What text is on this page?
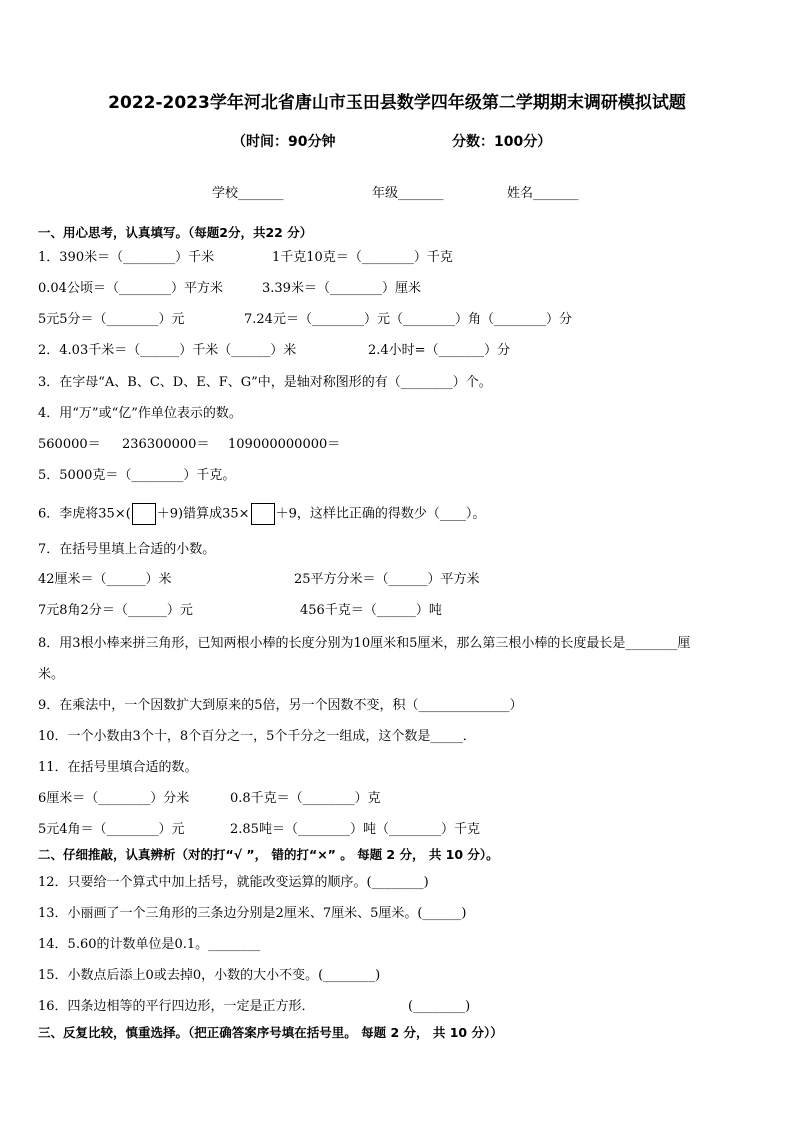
2022-2023学年河北省唐山市玉田县数学四年级第二学期期末调研模拟试题
（时间：90分钟	分数：100分）
学校_______	年级_______	姓名_______
一、用心思考，认真填写。（每题2分，共22 分）
1．390米＝（________）千米	1千克10克＝（________）千克
0.04公顷＝（________）平方米	3.39米＝（________）厘米
5元5分＝（________）元	7.24元＝（________）元（________）角（________）分
2．4.03千米＝（______）千米（______）米	2.4小时=（_______）分
3．在字母“A、B、C、D、E、F、G”中，是轴对称图形的有（________）个。
4．用“万”或“亿”作单位表示的数。
560000＝ 236300000＝ 109000000000＝
5．5000克＝（________）千克。
6．李虎将35×( ＋9)错算成35× ＋9，这样比正确的得数少（____）。
7．在括号里填上合适的小数。
42厘米＝（______）米	25平方分米＝（______）平方米
7元8角2分＝（______）元	456千克＝（______）吨
8．用3根小棒来拼三角形，已知两根小棒的长度分别为10厘米和5厘米，那么第三根小棒的长度最长是________厘
米。
9．在乘法中，一个因数扩大到原来的5倍，另一个因数不变，积（______________）
10．一个小数由3个十，8个百分之一，5个千分之一组成，这个数是_____．
11．在括号里填合适的数。
6厘米＝（________）分米	0.8千克＝（________）克
5元4角＝（________）元	2.85吨＝（________）吨（________）千克
二、仔细推敲，认真辨析（对的打“√ ”， 错的打“×” 。 每题 2 分， 共 10 分）。
12．只要给一个算式中加上括号，就能改变运算的顺序。(________)
13．小丽画了一个三角形的三条边分别是2厘米、7厘米、5厘米。(______)
14．5.60的计数单位是0.1。________
15．小数点后添上0或去掉0，小数的大小不变。(________)
16．四条边相等的平行四边形，一定是正方形．	(________)
三、反复比较，慎重选择。（把正确答案序号填在括号里。 每题 2 分， 共 10 分））
